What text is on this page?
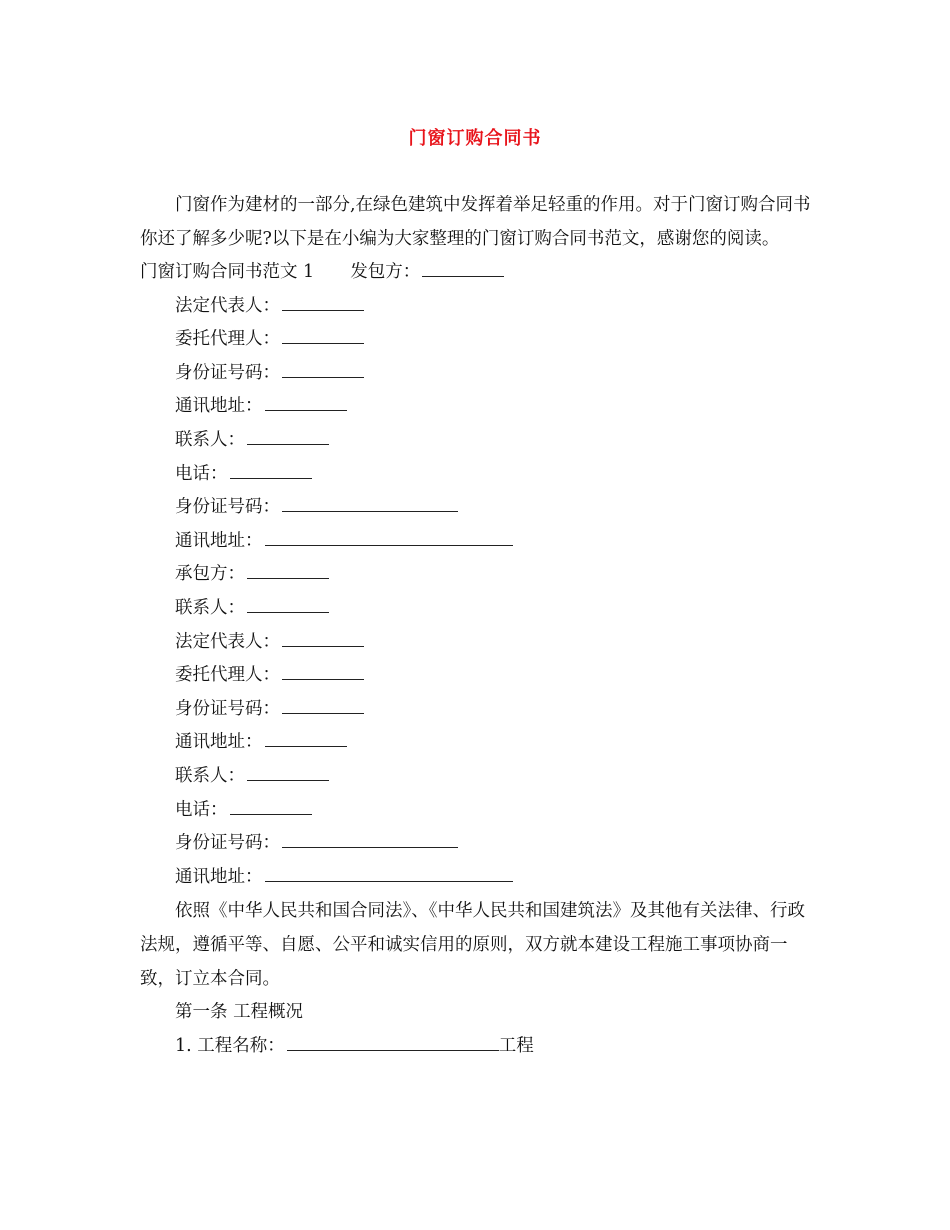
门窗订购合同书

门窗作为建材的一部分,在绿色建筑中发挥着举足轻重的作用。对于门窗订购合同书你还了解多少呢?以下是在小编为大家整理的门窗订购合同书范文，感谢您的阅读。

门窗订购合同书范文 1 发包方：
法定代表人：
委托代理人：
身份证号码：
通讯地址：
联系人：
电话：
身份证号码：
通讯地址：
承包方：
联系人：
法定代表人：
委托代理人：
身份证号码：
通讯地址：
联系人：
电话：
身份证号码：
通讯地址：

依照《中华人民共和国合同法》、《中华人民共和国建筑法》及其他有关法律、行政法规，遵循平等、自愿、公平和诚实信用的原则，双方就本建设工程施工事项协商一致，订立本合同。

第一条 工程概况
1. 工程名称：	工程
